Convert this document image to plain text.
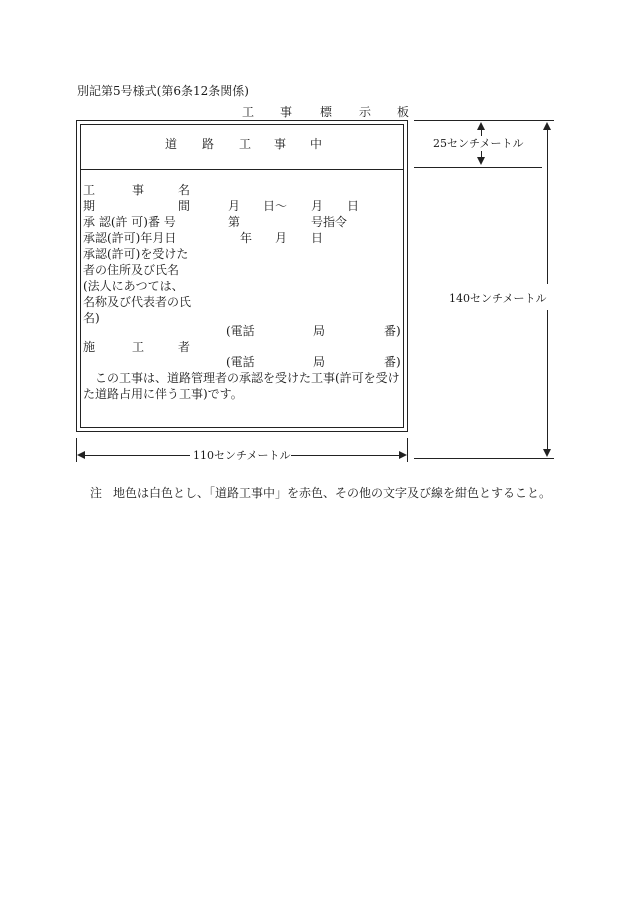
別記第5号様式(第6条12条関係)
工 事 標 示 板
道 路 工 事 中
工	事	名
期	間	月 日～ 月 日
承 認(許 可)番 号	第	号指令
承認(許可)年月日	年 月 日
承認(許可)を受けた
者の住所及び氏名
(法人にあつては、
名称及び代表者の氏
名)
(電話	局	番)
施	工	者
(電話	局	番)
この工事は、道路管理者の承認を受けた工事(許可を受け
た道路占用に伴う工事)です。
25センチメートル
140センチメートル
110センチメートル
注 地色は白色とし、「道路工事中」を赤色、その他の文字及び線を紺色とすること。
